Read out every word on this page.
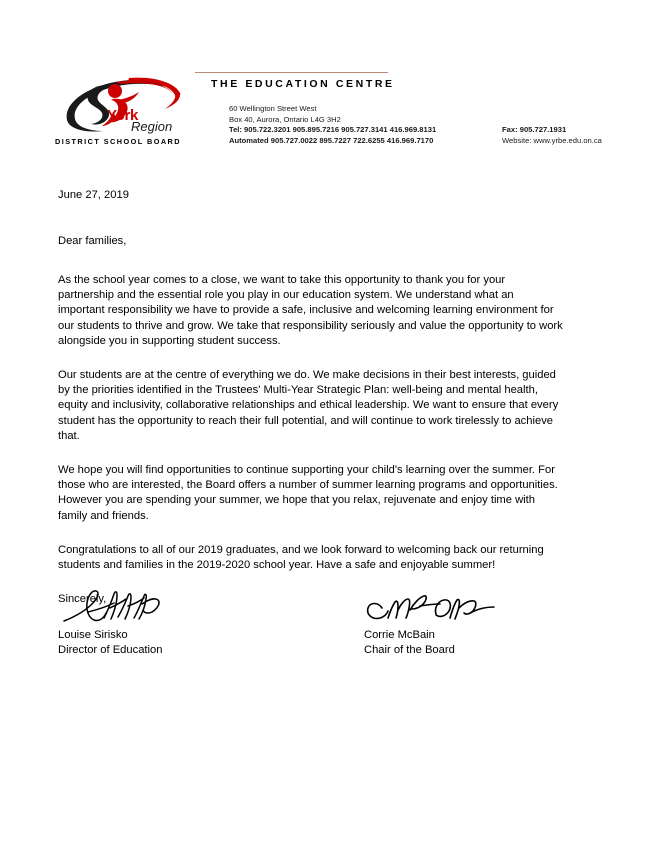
York
Region
DISTRICT SCHOOL BOARD
THE EDUCATION CENTRE
60 Wellington Street West
Box 40, Aurora, Ontario L4G 3H2
Tel: 905.722.3201 905.895.7216 905.727.3141 416.969.8131
Automated 905.727.0022 895.7227 722.6255 416.969.7170
Fax: 905.727.1931
Website: www.yrbe.edu.on.ca
June 27, 2019
Dear families,

As the school year comes to a close, we want to take this opportunity to thank you for your partnership and the essential role you play in our education system. We understand what an important responsibility we have to provide a safe, inclusive and welcoming learning environment for our students to thrive and grow. We take that responsibility seriously and value the opportunity to work alongside you in supporting student success.

Our students are at the centre of everything we do. We make decisions in their best interests, guided by the priorities identified in the Trustees' Multi-Year Strategic Plan: well-being and mental health, equity and inclusivity, collaborative relationships and ethical leadership. We want to ensure that every student has the opportunity to reach their full potential, and will continue to work tirelessly to achieve that.

We hope you will find opportunities to continue supporting your child's learning over the summer. For those who are interested, the Board offers a number of summer learning programs and opportunities. However you are spending your summer, we hope that you relax, rejuvenate and enjoy time with family and friends.

Congratulations to all of our 2019 graduates, and we look forward to welcoming back our returning students and families in the 2019-2020 school year. Have a safe and enjoyable summer!

Sincerely,
Louise Sirisko
Director of Education
Corrie McBain
Chair of the Board
